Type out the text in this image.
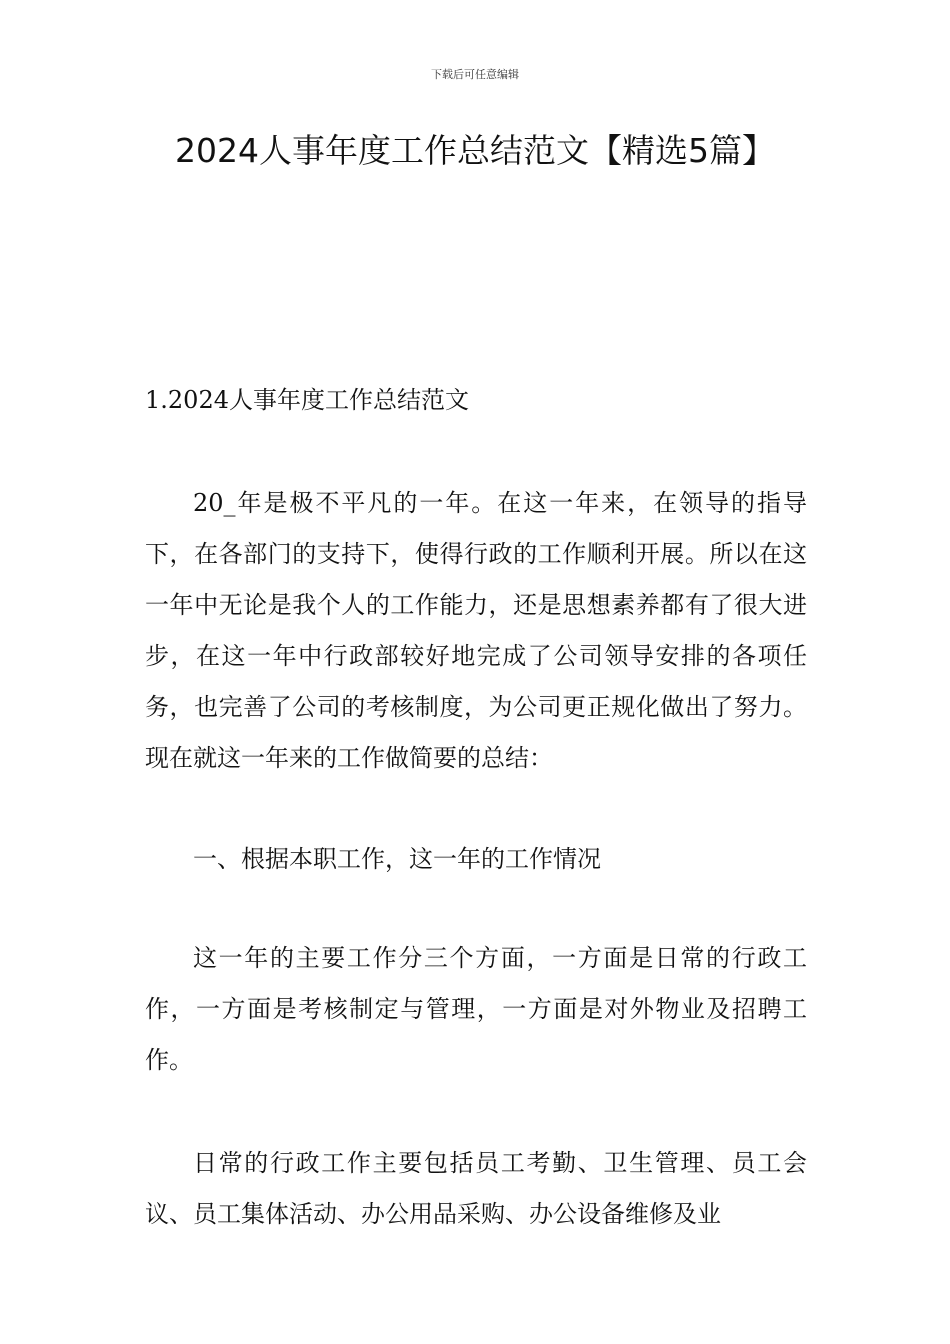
下载后可任意编辑
2024人事年度工作总结范文【精选5篇】
1.2024人事年度工作总结范文

20_年是极不平凡的一年。在这一年来，在领导的指导下，在各部门的支持下，使得行政的工作顺利开展。所以在这一年中无论是我个人的工作能力，还是思想素养都有了很大进步，在这一年中行政部较好地完成了公司领导安排的各项任务，也完善了公司的考核制度，为公司更正规化做出了努力。现在就这一年来的工作做简要的总结：

一、根据本职工作，这一年的工作情况

这一年的主要工作分三个方面，一方面是日常的行政工作，一方面是考核制定与管理，一方面是对外物业及招聘工作。

日常的行政工作主要包括员工考勤、卫生管理、员工会议、员工集体活动、办公用品采购、办公设备维修及业
